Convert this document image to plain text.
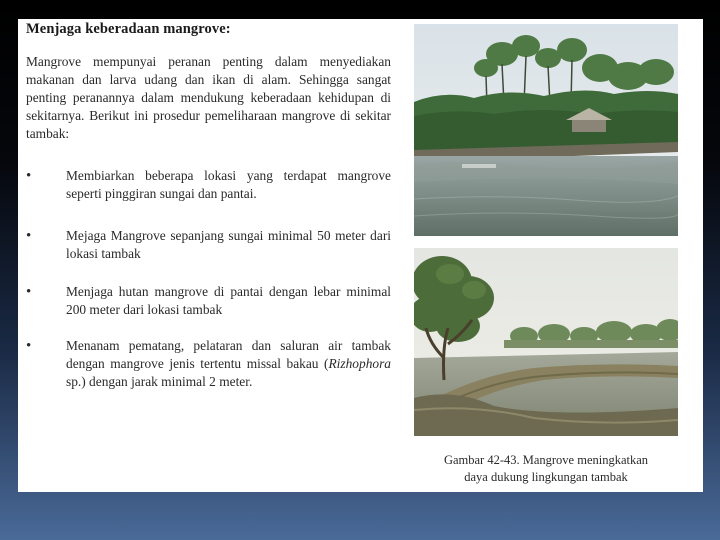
Menjaga keberadaan mangrove:

Mangrove mempunyai peranan penting dalam menyediakan makanan dan larva udang dan ikan di alam. Sehingga sangat penting peranannya dalam mendukung keberadaan kehidupan di sekitarnya. Berikut ini prosedur pemeliharaan mangrove di sekitar tambak:

•	Membiarkan beberapa lokasi yang terdapat mangrove seperti pinggiran sungai dan pantai.
•	Mejaga Mangrove sepanjang sungai minimal 50 meter dari lokasi tambak
•	Menjaga hutan mangrove di pantai dengan lebar minimal 200 meter dari lokasi tambak
•	Menanam pematang, pelataran dan saluran air tambak dengan mangrove jenis tertentu missal bakau (Rizhophora sp.) dengan jarak minimal 2 meter.

Gambar 42-43. Mangrove meningkatkan
daya dukung lingkungan tambak
